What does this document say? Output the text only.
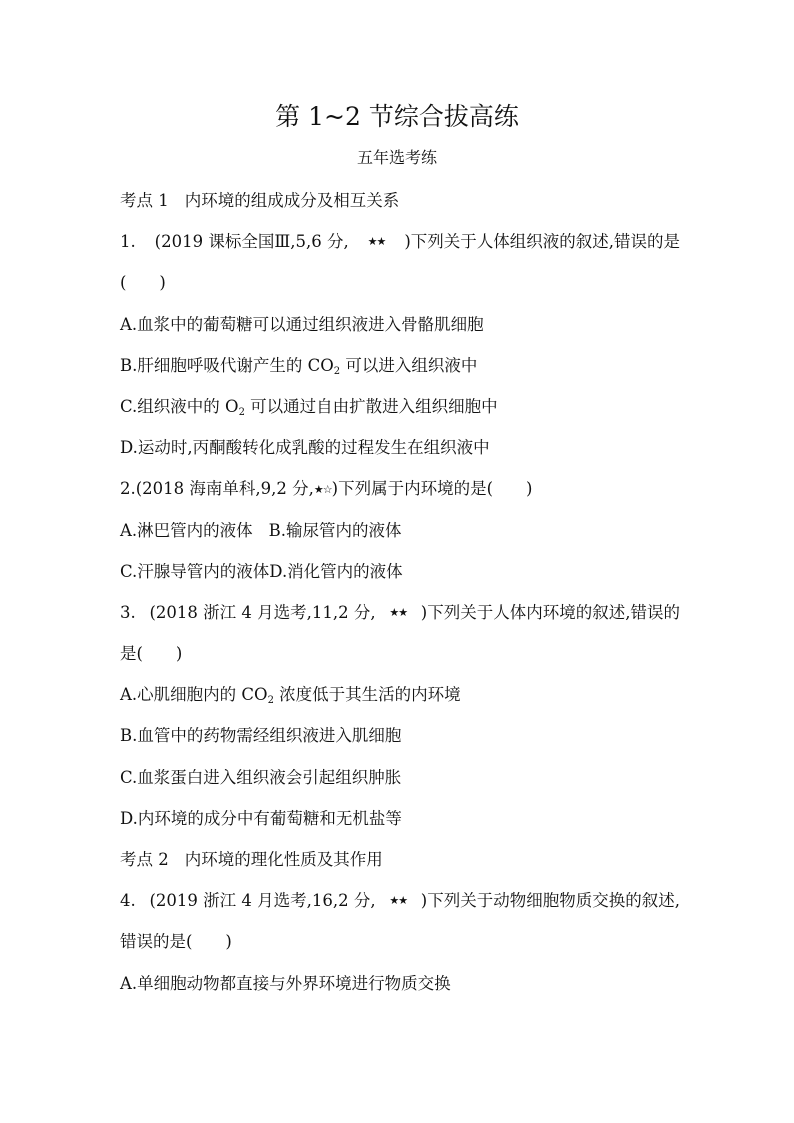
第 1~2 节综合拔高练
五年选考练
考点 1 内环境的组成成分及相互关系
1. (2019 课标全国Ⅲ,5,6 分, ★★ )下列关于人体组织液的叙述,错误的是
(　　)
A.血浆中的葡萄糖可以通过组织液进入骨骼肌细胞
B.肝细胞呼吸代谢产生的 $CO_2$ 可以进入组织液中
C.组织液中的 $O_2$ 可以通过自由扩散进入组织细胞中
D.运动时,丙酮酸转化成乳酸的过程发生在组织液中
2.(2018 海南单科,9,2 分,★☆)下列属于内环境的是(　　)
A.淋巴管内的液体 B.输尿管内的液体
C.汗腺导管内的液体D.消化管内的液体
3. (2018 浙江 4 月选考,11,2 分, ★★ )下列关于人体内环境的叙述,错误的
是(　　)
A.心肌细胞内的 $CO_2$ 浓度低于其生活的内环境
B.血管中的药物需经组织液进入肌细胞
C.血浆蛋白进入组织液会引起组织肿胀
D.内环境的成分中有葡萄糖和无机盐等
考点 2 内环境的理化性质及其作用
4. (2019 浙江 4 月选考,16,2 分, ★★ )下列关于动物细胞物质交换的叙述,
错误的是(　　)
A.单细胞动物都直接与外界环境进行物质交换
